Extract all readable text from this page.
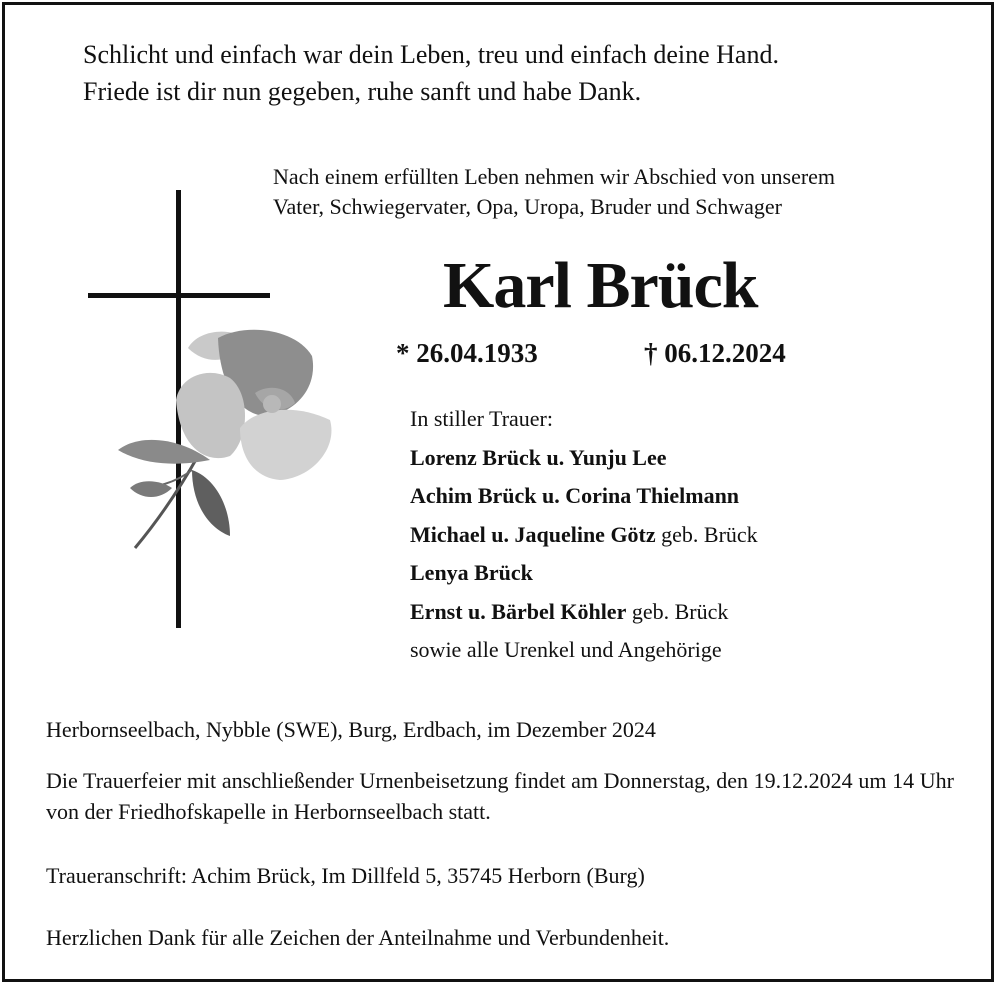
Schlicht und einfach war dein Leben, treu und einfach deine Hand.
Friede ist dir nun gegeben, ruhe sanft und habe Dank.
Nach einem erfüllten Leben nehmen wir Abschied von unserem
Vater, Schwiegervater, Opa, Uropa, Bruder und Schwager
Karl Brück
* 26.04.1933	† 06.12.2024
In stiller Trauer:
Lorenz Brück u. Yunju Lee
Achim Brück u. Corina Thielmann
Michael u. Jaqueline Götz geb. Brück
Lenya Brück
Ernst u. Bärbel Köhler geb. Brück
sowie alle Urenkel und Angehörige
Herbornseelbach, Nybble (SWE), Burg, Erdbach, im Dezember 2024
Die Trauerfeier mit anschließender Urnenbeisetzung findet am Donnerstag, den 19.12.2024 um 14 Uhr von der Friedhofskapelle in Herbornseelbach statt.
Traueranschrift: Achim Brück, Im Dillfeld 5, 35745 Herborn (Burg)
Herzlichen Dank für alle Zeichen der Anteilnahme und Verbundenheit.
